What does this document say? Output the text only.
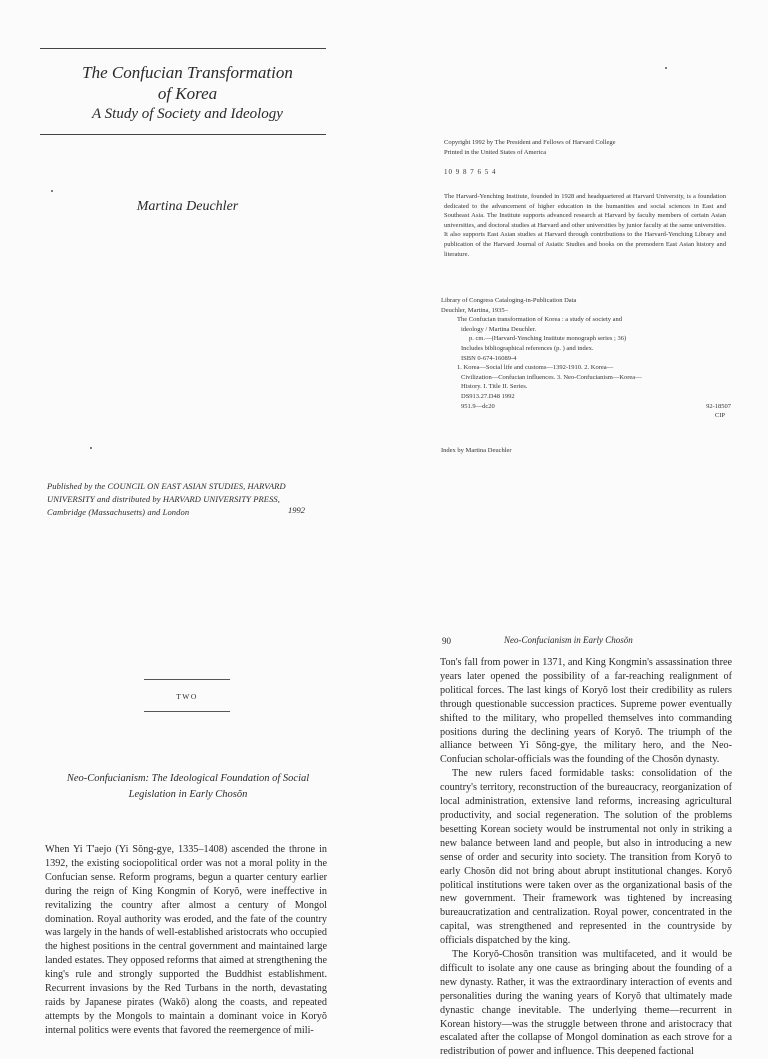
The Confucian Transformation
of Korea
A Study of Society and Ideology
Martina Deuchler
Published by the COUNCIL ON EAST ASIAN STUDIES, HARVARD
UNIVERSITY and distributed by HARVARD UNIVERSITY PRESS,
Cambridge (Massachusetts) and London	1992
Copyright 1992 by The President and Fellows of Harvard College
Printed in the United States of America
10 9 8 7 6 5 4
The Harvard-Yenching Institute, founded in 1928 and headquartered at Harvard University, is a foundation dedicated to the advancement of higher education in the humanities and social sciences in East and Southeast Asia. The Institute supports advanced research at Harvard by faculty members of certain Asian universities, and doctoral studies at Harvard and other universities by junior faculty at the same universities. It also supports East Asian studies at Harvard through contributions to the Harvard-Yenching Library and publication of the Harvard Journal of Asiatic Studies and books on the premodern East Asian history and literature.
Library of Congress Cataloging-in-Publication Data
Deuchler, Martina, 1935–
The Confucian transformation of Korea : a study of society and
ideology / Martina Deuchler.
p. cm.—(Harvard-Yenching Institute monograph series ; 36)
Includes bibliographical references (p. ) and index.
ISBN 0-674-16089-4
1. Korea—Social life and customs—1392-1910. 2. Korea—
Civilization—Confucian influences. 3. Neo-Confucianism—Korea—
History. I. Title II. Series.
DS913.27.D48 1992
951.9—dc20	92-18507
CIP
Index by Martina Deuchler
TWO
Neo-Confucianism: The Ideological Foundation of Social
Legislation in Early Chosŏn

When Yi T'aejo (Yi Sŏng-gye, 1335–1408) ascended the throne in 1392, the existing sociopolitical order was not a moral polity in the Confucian sense. Reform programs, begun a quarter century earlier during the reign of King Kongmin of Koryŏ, were ineffective in revitalizing the country after almost a century of Mongol domination. Royal authority was eroded, and the fate of the country was largely in the hands of well-established aristocrats who occupied the highest positions in the central government and maintained large landed estates. They opposed reforms that aimed at strengthening the king's rule and strongly supported the Buddhist establishment. Recurrent invasions by the Red Turbans in the north, devastating raids by Japanese pirates (Wakō) along the coasts, and repeated attempts by the Mongols to maintain a dominant voice in Koryŏ internal politics were events that favored the reemergence of mili-

90	Neo-Confucianism in Early Chosŏn

Ton's fall from power in 1371, and King Kongmin's assassination three years later opened the possibility of a far-reaching realignment of political forces. The last kings of Koryŏ lost their credibility as rulers through questionable succession practices. Supreme power eventually shifted to the military, who propelled themselves into commanding positions during the declining years of Koryŏ. The triumph of the alliance between Yi Sŏng-gye, the military hero, and the Neo-Confucian scholar-officials was the founding of the Chosŏn dynasty.

The new rulers faced formidable tasks: consolidation of the country's territory, reconstruction of the bureaucracy, reorganization of local administration, extensive land reforms, increasing agricultural productivity, and social regeneration. The solution of the problems besetting Korean society would be instrumental not only in striking a new balance between land and people, but also in introducing a new sense of order and security into society. The transition from Koryŏ to early Chosŏn did not bring about abrupt institutional changes. Koryŏ political institutions were taken over as the organizational basis of the new government. Their framework was tightened by increasing bureaucratization and centralization. Royal power, concentrated in the capital, was strengthened and represented in the countryside by officials dispatched by the king.

The Koryŏ-Chosŏn transition was multifaceted, and it would be difficult to isolate any one cause as bringing about the founding of a new dynasty. Rather, it was the extraordinary interaction of events and personalities during the waning years of Koryŏ that ultimately made dynastic change inevitable. The underlying theme—recurrent in Korean history—was the struggle between throne and aristocracy that escalated after the collapse of Mongol domination as each strove for a redistribution of power and influence. This deepened factional
